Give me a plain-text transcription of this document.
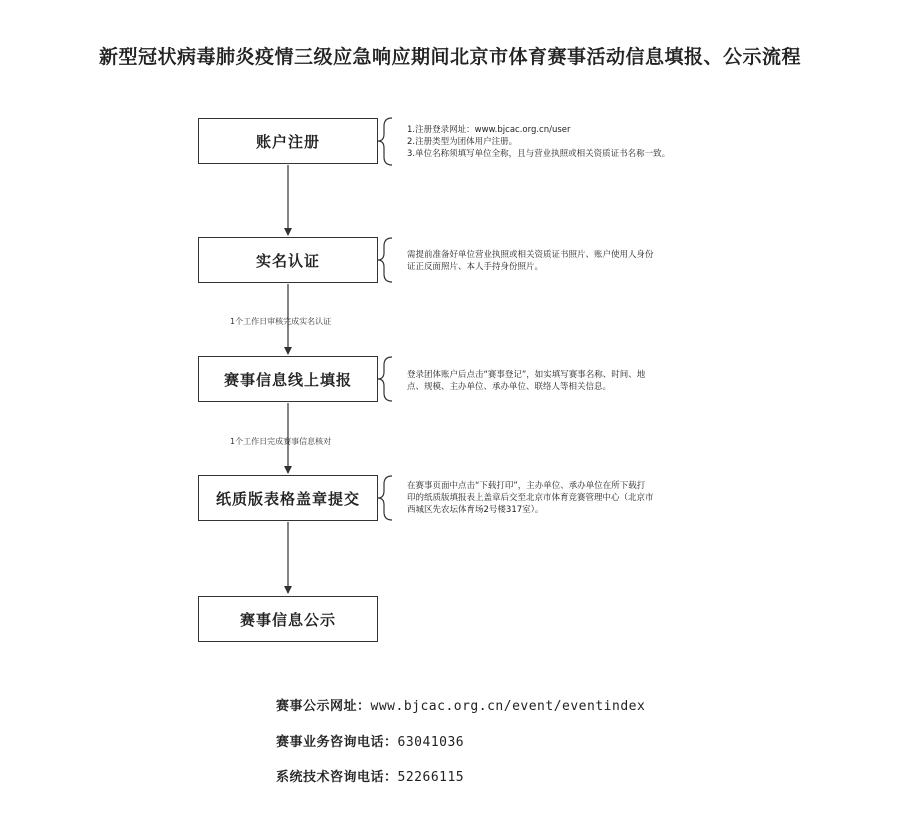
新型冠状病毒肺炎疫情三级应急响应期间北京市体育赛事活动信息填报、公示流程
账户注册
实名认证
赛事信息线上填报
纸质版表格盖章提交
赛事信息公示
1个工作日审核完成实名认证
1个工作日完成赛事信息核对
1.注册登录网址：www.bjcac.org.cn/user
2.注册类型为团体用户注册。
3.单位名称须填写单位全称，且与营业执照或相关资质证书名称一致。
需提前准备好单位营业执照或相关资质证书照片、账户使用人身份
证正反面照片、本人手持身份照片。
登录团体账户后点击“赛事登记”，如实填写赛事名称、时间、地
点、规模、主办单位、承办单位、联络人等相关信息。
在赛事页面中点击“下载打印”，主办单位、承办单位在所下载打
印的纸质版填报表上盖章后交至北京市体育竞赛管理中心（北京市
西城区先农坛体育场2号楼317室）。
赛事公示网址：www.bjcac.org.cn/event/eventindex
赛事业务咨询电话：63041036
系统技术咨询电话：52266115
